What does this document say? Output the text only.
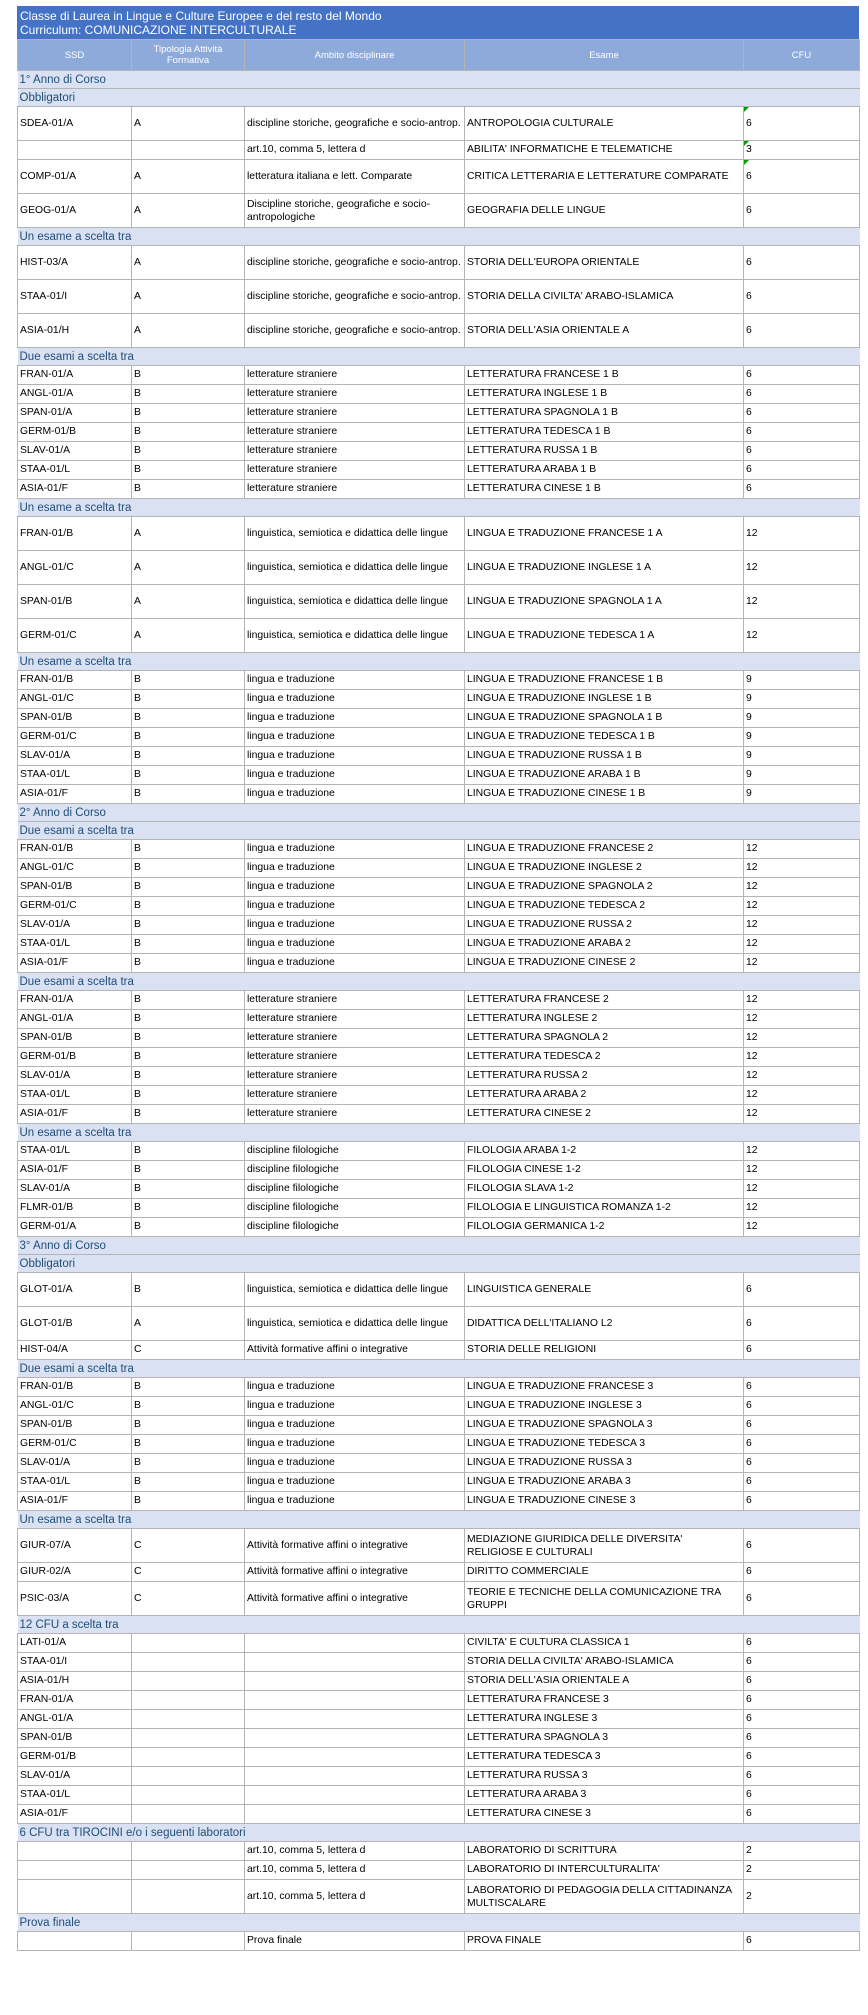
Classe di Laurea in Lingue e Culture Europee e del resto del Mondo
Curriculum: COMUNICAZIONE INTERCULTURALE
SSD	Tipologia Attività Formativa	Ambito disciplinare	Esame	CFU
1° Anno di Corso				
Obbligatori				
SDEA-01/A	A	discipline storiche, geografiche e socio-antrop.	ANTROPOLOGIA CULTURALE	6

		art.10, comma 5, lettera d	ABILITA' INFORMATICHE E TELEMATICHE	3

COMP-01/A	A	letteratura italiana e lett. Comparate	CRITICA LETTERARIA E LETTERATURE COMPARATE	6

GEOG-01/A	A	Discipline storiche, geografiche e socio-antropologiche	GEOGRAFIA DELLE LINGUE	6
Un esame a scelta tra				
HIST-03/A	A	discipline storiche, geografiche e socio-antrop.	STORIA DELL'EUROPA ORIENTALE	6
STAA-01/I	A	discipline storiche, geografiche e socio-antrop.	STORIA DELLA CIVILTA' ARABO-ISLAMICA	6
ASIA-01/H	A	discipline storiche, geografiche e socio-antrop.	STORIA DELL'ASIA ORIENTALE A	6
Due esami a scelta tra				
FRAN-01/A	B	letterature straniere	LETTERATURA FRANCESE 1 B	6
ANGL-01/A	B	letterature straniere	LETTERATURA INGLESE 1 B	6
SPAN-01/A	B	letterature straniere	LETTERATURA SPAGNOLA 1 B	6
GERM-01/B	B	letterature straniere	LETTERATURA TEDESCA 1 B	6
SLAV-01/A	B	letterature straniere	LETTERATURA RUSSA 1 B	6
STAA-01/L	B	letterature straniere	LETTERATURA ARABA 1 B	6
ASIA-01/F	B	letterature straniere	LETTERATURA CINESE 1 B	6
Un esame a scelta tra				
FRAN-01/B	A	linguistica, semiotica e didattica delle lingue	LINGUA E TRADUZIONE FRANCESE 1 A	12
ANGL-01/C	A	linguistica, semiotica e didattica delle lingue	LINGUA E TRADUZIONE INGLESE 1 A	12
SPAN-01/B	A	linguistica, semiotica e didattica delle lingue	LINGUA E TRADUZIONE SPAGNOLA 1 A	12
GERM-01/C	A	linguistica, semiotica e didattica delle lingue	LINGUA E TRADUZIONE TEDESCA 1 A	12
Un esame a scelta tra				
FRAN-01/B	B	lingua e traduzione	LINGUA E TRADUZIONE FRANCESE 1 B	9
ANGL-01/C	B	lingua e traduzione	LINGUA E TRADUZIONE INGLESE 1 B	9
SPAN-01/B	B	lingua e traduzione	LINGUA E TRADUZIONE SPAGNOLA 1 B	9
GERM-01/C	B	lingua e traduzione	LINGUA E TRADUZIONE TEDESCA 1 B	9
SLAV-01/A	B	lingua e traduzione	LINGUA E TRADUZIONE RUSSA 1 B	9
STAA-01/L	B	lingua e traduzione	LINGUA E TRADUZIONE ARABA 1 B	9
ASIA-01/F	B	lingua e traduzione	LINGUA E TRADUZIONE CINESE 1 B	9
2° Anno di Corso				
Due esami a scelta tra				
FRAN-01/B	B	lingua e traduzione	LINGUA E TRADUZIONE FRANCESE 2	12
ANGL-01/C	B	lingua e traduzione	LINGUA E TRADUZIONE INGLESE 2	12
SPAN-01/B	B	lingua e traduzione	LINGUA E TRADUZIONE SPAGNOLA 2	12
GERM-01/C	B	lingua e traduzione	LINGUA E TRADUZIONE TEDESCA 2	12
SLAV-01/A	B	lingua e traduzione	LINGUA E TRADUZIONE RUSSA 2	12
STAA-01/L	B	lingua e traduzione	LINGUA E TRADUZIONE ARABA 2	12
ASIA-01/F	B	lingua e traduzione	LINGUA E TRADUZIONE CINESE 2	12
Due esami a scelta tra				
FRAN-01/A	B	letterature straniere	LETTERATURA FRANCESE 2	12
ANGL-01/A	B	letterature straniere	LETTERATURA INGLESE 2	12
SPAN-01/B	B	letterature straniere	LETTERATURA SPAGNOLA 2	12
GERM-01/B	B	letterature straniere	LETTERATURA TEDESCA 2	12
SLAV-01/A	B	letterature straniere	LETTERATURA RUSSA 2	12
STAA-01/L	B	letterature straniere	LETTERATURA ARABA 2	12
ASIA-01/F	B	letterature straniere	LETTERATURA CINESE 2	12
Un esame a scelta tra				
STAA-01/L	B	discipline filologiche	FILOLOGIA ARABA 1-2	12
ASIA-01/F	B	discipline filologiche	FILOLOGIA CINESE 1-2	12
SLAV-01/A	B	discipline filologiche	FILOLOGIA SLAVA 1-2	12
FLMR-01/B	B	discipline filologiche	FILOLOGIA E LINGUISTICA ROMANZA 1-2	12
GERM-01/A	B	discipline filologiche	FILOLOGIA GERMANICA 1-2	12
3° Anno di Corso				
Obbligatori				
GLOT-01/A	B	linguistica, semiotica e didattica delle lingue	LINGUISTICA GENERALE	6
GLOT-01/B	A	linguistica, semiotica e didattica delle lingue	DIDATTICA DELL'ITALIANO L2	6
HIST-04/A	C	Attività formative affini o integrative	STORIA DELLE RELIGIONI	6
Due esami a scelta tra				
FRAN-01/B	B	lingua e traduzione	LINGUA E TRADUZIONE FRANCESE 3	6
ANGL-01/C	B	lingua e traduzione	LINGUA E TRADUZIONE INGLESE 3	6
SPAN-01/B	B	lingua e traduzione	LINGUA E TRADUZIONE SPAGNOLA 3	6
GERM-01/C	B	lingua e traduzione	LINGUA E TRADUZIONE TEDESCA 3	6
SLAV-01/A	B	lingua e traduzione	LINGUA E TRADUZIONE RUSSA 3	6
STAA-01/L	B	lingua e traduzione	LINGUA E TRADUZIONE ARABA 3	6
ASIA-01/F	B	lingua e traduzione	LINGUA E TRADUZIONE CINESE 3	6
Un esame a scelta tra				
GIUR-07/A	C	Attività formative affini o integrative	MEDIAZIONE GIURIDICA DELLE DIVERSITA' RELIGIOSE E CULTURALI	6
GIUR-02/A	C	Attività formative affini o integrative	DIRITTO COMMERCIALE	6
PSIC-03/A	C	Attività formative affini o integrative	TEORIE E TECNICHE DELLA COMUNICAZIONE TRA GRUPPI	6
12 CFU a scelta tra				
LATI-01/A			CIVILTA' E CULTURA CLASSICA 1	6
STAA-01/I			STORIA DELLA CIVILTA' ARABO-ISLAMICA	6
ASIA-01/H			STORIA DELL'ASIA ORIENTALE A	6
FRAN-01/A			LETTERATURA FRANCESE 3	6
ANGL-01/A			LETTERATURA INGLESE 3	6
SPAN-01/B			LETTERATURA SPAGNOLA 3	6
GERM-01/B			LETTERATURA TEDESCA 3	6
SLAV-01/A			LETTERATURA RUSSA 3	6
STAA-01/L			LETTERATURA ARABA 3	6
ASIA-01/F			LETTERATURA CINESE 3	6
6 CFU tra TIROCINI e/o i seguenti laboratori				
		art.10, comma 5, lettera d	LABORATORIO DI SCRITTURA	2
		art.10, comma 5, lettera d	LABORATORIO DI INTERCULTURALITA'	2
		art.10, comma 5, lettera d	LABORATORIO DI PEDAGOGIA DELLA CITTADINANZA MULTISCALARE	2
Prova finale				
		Prova finale	PROVA FINALE	6
